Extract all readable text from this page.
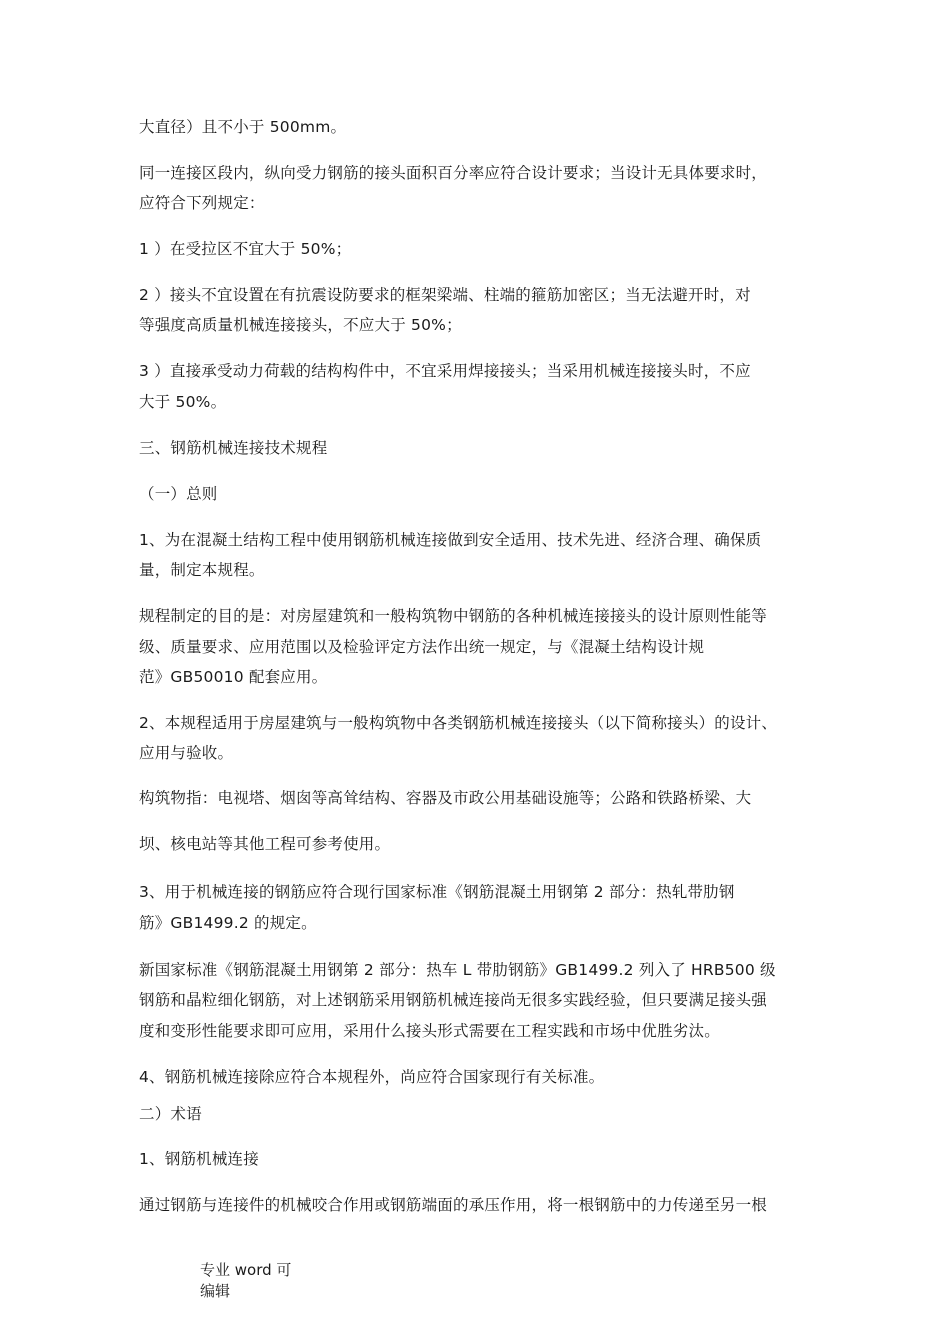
大直径）且不小于 500mm。
同一连接区段内，纵向受力钢筋的接头面积百分率应符合设计要求；当设计无具体要求时，
应符合下列规定：
1 ）在受拉区不宜大于 50%；
2 ）接头不宜设置在有抗震设防要求的框架梁端、柱端的箍筋加密区；当无法避开时，对
等强度高质量机械连接接头，不应大于 50%；
3 ）直接承受动力荷载的结构构件中，不宜采用焊接接头；当采用机械连接接头时，不应
大于 50%。
三、钢筋机械连接技术规程
（一）总则
1、为在混凝土结构工程中使用钢筋机械连接做到安全适用、技术先进、经济合理、确保质
量，制定本规程。
规程制定的目的是：对房屋建筑和一般构筑物中钢筋的各种机械连接接头的设计原则性能等
级、质量要求、应用范围以及检验评定方法作出统一规定，与《混凝土结构设计规
范》GB50010 配套应用。
2、本规程适用于房屋建筑与一般构筑物中各类钢筋机械连接接头（以下简称接头）的设计、
应用与验收。
构筑物指：电视塔、烟囱等高耸结构、容器及市政公用基础设施等；公路和铁路桥梁、大
坝、核电站等其他工程可参考使用。
3、用于机械连接的钢筋应符合现行国家标准《钢筋混凝土用钢第 2 部分：热轧带肋钢
筋》GB1499.2 的规定。
新国家标准《钢筋混凝土用钢第 2 部分：热车 L 带肋钢筋》GB1499.2 列入了 HRB500 级
钢筋和晶粒细化钢筋，对上述钢筋采用钢筋机械连接尚无很多实践经验，但只要满足接头强
度和变形性能要求即可应用，采用什么接头形式需要在工程实践和市场中优胜劣汰。
4、钢筋机械连接除应符合本规程外，尚应符合国家现行有关标准。
二）术语
1、钢筋机械连接
通过钢筋与连接件的机械咬合作用或钢筋端面的承压作用，将一根钢筋中的力传递至另一根
专业 word 可
编辑
